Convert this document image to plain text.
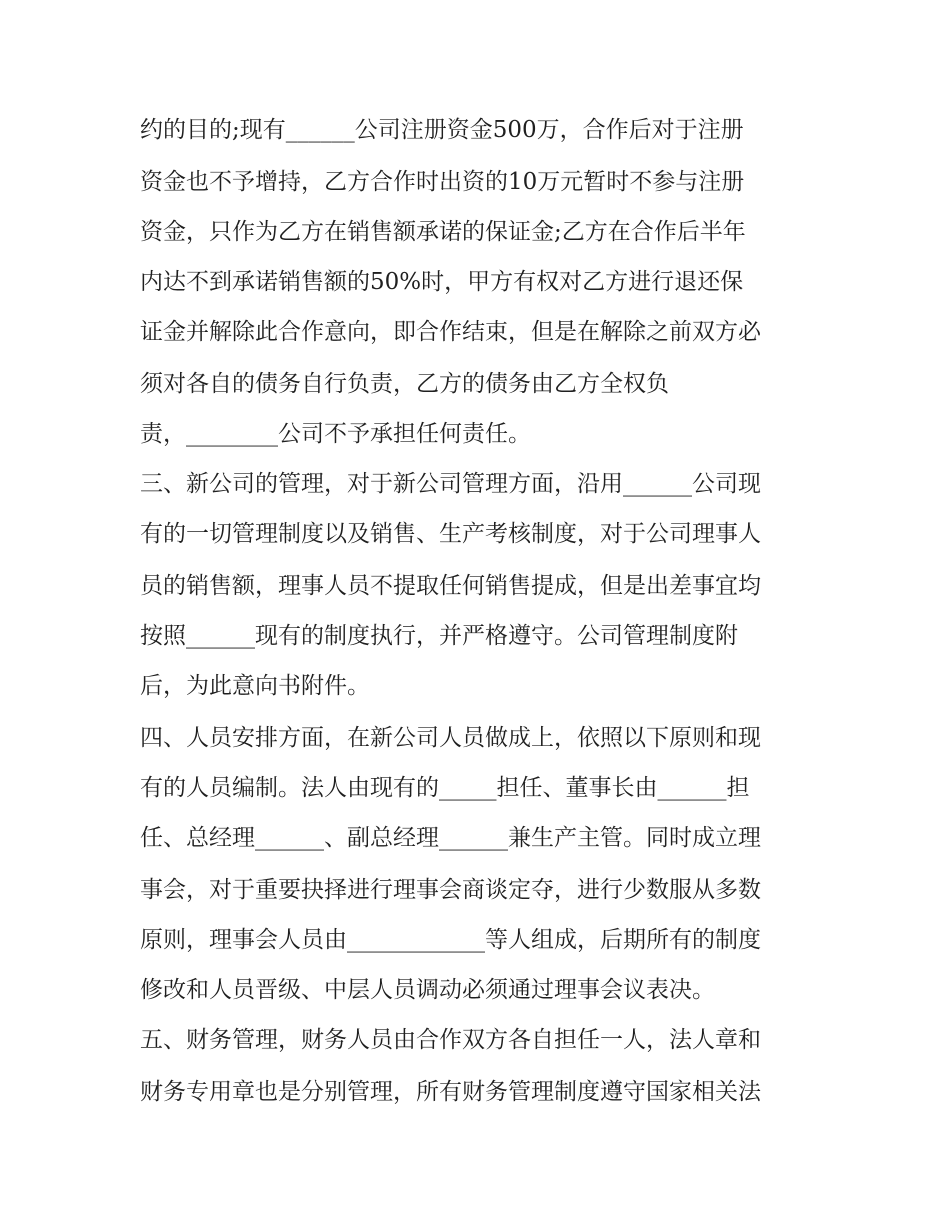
约的目的;现有______公司注册资金500万，合作后对于注册

资金也不予增持，乙方合作时出资的10万元暂时不参与注册

资金，只作为乙方在销售额承诺的保证金;乙方在合作后半年

内达不到承诺销售额的50%时，甲方有权对乙方进行退还保

证金并解除此合作意向，即合作结束，但是在解除之前双方必

须对各自的债务自行负责，乙方的债务由乙方全权负

责，________公司不予承担任何责任。

三、新公司的管理，对于新公司管理方面，沿用______公司现

有的一切管理制度以及销售、生产考核制度，对于公司理事人

员的销售额，理事人员不提取任何销售提成，但是出差事宜均

按照______现有的制度执行，并严格遵守。公司管理制度附

后，为此意向书附件。

四、人员安排方面，在新公司人员做成上，依照以下原则和现

有的人员编制。法人由现有的_____担任、董事长由______担

任、总经理______、副总经理______兼生产主管。同时成立理

事会，对于重要抉择进行理事会商谈定夺，进行少数服从多数

原则，理事会人员由____________等人组成，后期所有的制度

修改和人员晋级、中层人员调动必须通过理事会议表决。

五、财务管理，财务人员由合作双方各自担任一人，法人章和

财务专用章也是分别管理，所有财务管理制度遵守国家相关法
